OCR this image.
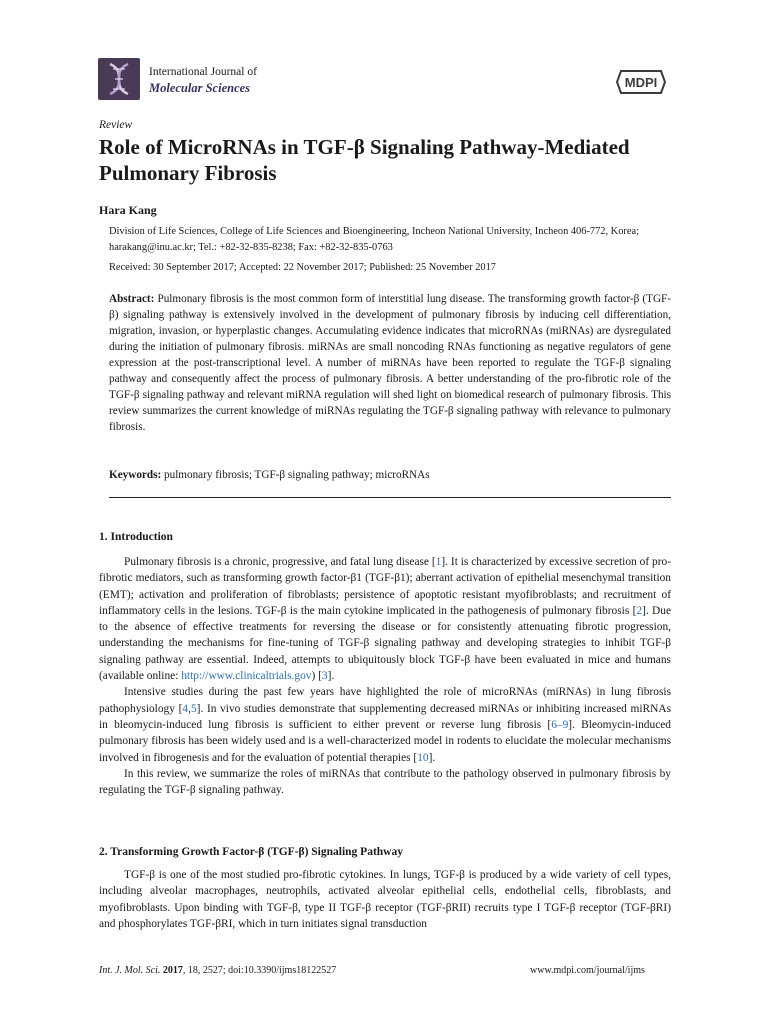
International Journal of
Molecular Sciences	MDPI
Review
Role of MicroRNAs in TGF-β Signaling Pathway-Mediated Pulmonary Fibrosis
Hara Kang
Division of Life Sciences, College of Life Sciences and Bioengineering, Incheon National University, Incheon 406-772, Korea; harakang@inu.ac.kr; Tel.: +82-32-835-8238; Fax: +82-32-835-0763
Received: 30 September 2017; Accepted: 22 November 2017; Published: 25 November 2017
Abstract: Pulmonary fibrosis is the most common form of interstitial lung disease. The transforming growth factor-β (TGF-β) signaling pathway is extensively involved in the development of pulmonary fibrosis by inducing cell differentiation, migration, invasion, or hyperplastic changes. Accumulating evidence indicates that microRNAs (miRNAs) are dysregulated during the initiation of pulmonary fibrosis. miRNAs are small noncoding RNAs functioning as negative regulators of gene expression at the post-transcriptional level. A number of miRNAs have been reported to regulate the TGF-β signaling pathway and consequently affect the process of pulmonary fibrosis. A better understanding of the pro-fibrotic role of the TGF-β signaling pathway and relevant miRNA regulation will shed light on biomedical research of pulmonary fibrosis. This review summarizes the current knowledge of miRNAs regulating the TGF-β signaling pathway with relevance to pulmonary fibrosis.
Keywords: pulmonary fibrosis; TGF-β signaling pathway; microRNAs
1. Introduction

Pulmonary fibrosis is a chronic, progressive, and fatal lung disease [1]. It is characterized by excessive secretion of pro-fibrotic mediators, such as transforming growth factor-β1 (TGF-β1); aberrant activation of epithelial mesenchymal transition (EMT); activation and proliferation of fibroblasts; persistence of apoptotic resistant myofibroblasts; and recruitment of inflammatory cells in the lesions. TGF-β is the main cytokine implicated in the pathogenesis of pulmonary fibrosis [2]. Due to the absence of effective treatments for reversing the disease or for consistently attenuating fibrotic progression, understanding the mechanisms for fine-tuning of TGF-β signaling pathway and developing strategies to inhibit TGF-β signaling pathway are essential. Indeed, attempts to ubiquitously block TGF-β have been evaluated in mice and humans (available online: http://www.clinicaltrials.gov) [3].

Intensive studies during the past few years have highlighted the role of microRNAs (miRNAs) in lung fibrosis pathophysiology [4,5]. In vivo studies demonstrate that supplementing decreased miRNAs or inhibiting increased miRNAs in bleomycin-induced lung fibrosis is sufficient to either prevent or reverse lung fibrosis [6–9]. Bleomycin-induced pulmonary fibrosis has been widely used and is a well-characterized model in rodents to elucidate the molecular mechanisms involved in fibrogenesis and for the evaluation of potential therapies [10].

In this review, we summarize the roles of miRNAs that contribute to the pathology observed in pulmonary fibrosis by regulating the TGF-β signaling pathway.

2. Transforming Growth Factor-β (TGF-β) Signaling Pathway

TGF-β is one of the most studied pro-fibrotic cytokines. In lungs, TGF-β is produced by a wide variety of cell types, including alveolar macrophages, neutrophils, activated alveolar epithelial cells, endothelial cells, fibroblasts, and myofibroblasts. Upon binding with TGF-β, type II TGF-β receptor (TGF-βRII) recruits type I TGF-β receptor (TGF-βRI) and phosphorylates TGF-βRI, which in turn initiates signal transduction

Int. J. Mol. Sci. 2017, 18, 2527; doi:10.3390/ijms18122527	www.mdpi.com/journal/ijms
